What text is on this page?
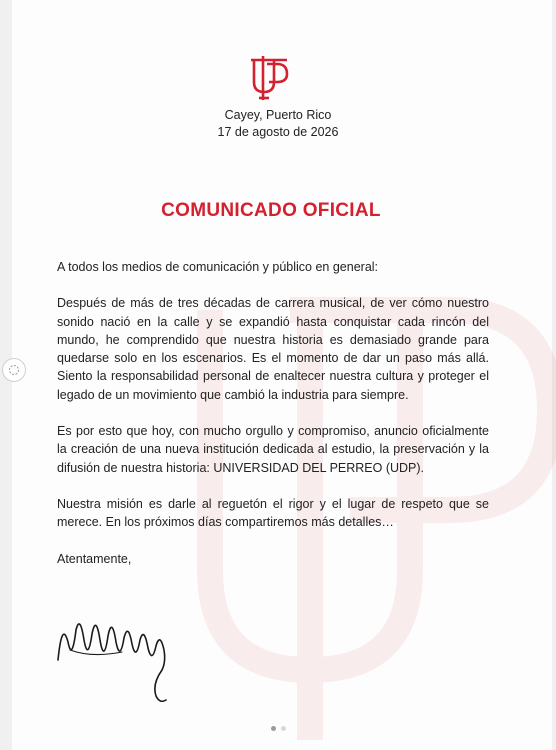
Cayey, Puerto Rico
17 de agosto de 2026
COMUNICADO OFICIAL

A todos los medios de comunicación y público en general:

Después de más de tres décadas de carrera musical, de ver cómo nuestro sonido nació en la calle y se expandió hasta conquistar cada rincón del mundo, he comprendido que nuestra historia es demasiado grande para quedarse solo en los escenarios. Es el momento de dar un paso más allá. Siento la responsabilidad personal de enaltecer nuestra cultura y proteger el legado de un movimiento que cambió la industria para siempre.

Es por esto que hoy, con mucho orgullo y compromiso, anuncio oficialmente la creación de una nueva institución dedicada al estudio, la preservación y la difusión de nuestra historia: UNIVERSIDAD DEL PERREO (UDP).

Nuestra misión es darle al reguetón el rigor y el lugar de respeto que se merece. En los próximos días compartiremos más detalles…

Atentamente,
